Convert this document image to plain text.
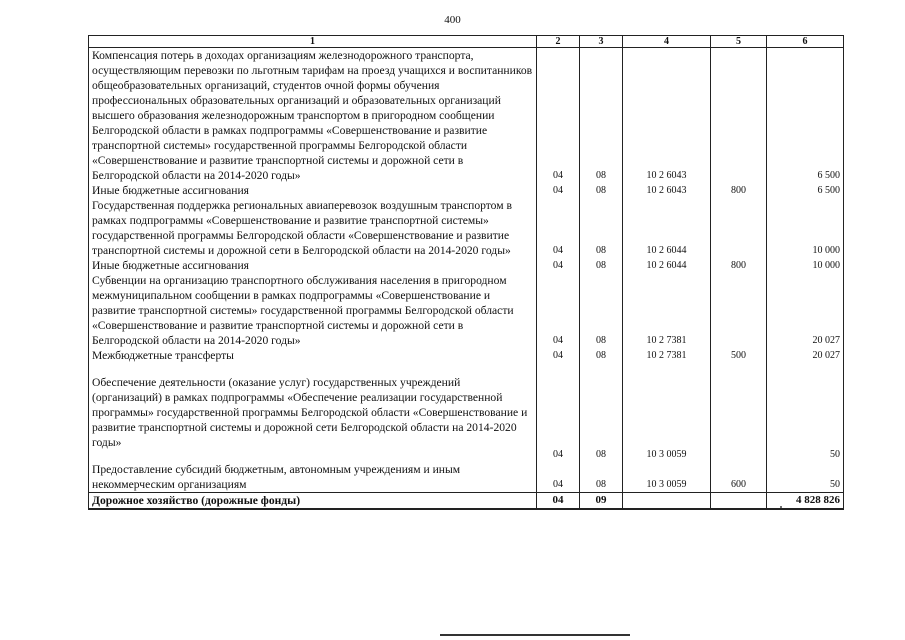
400
1	2	3	4	5	6
Компенсация потерь в доходах организациям железнодорожного транспорта, осуществляющим перевозки по льготным тарифам на проезд учащихся и воспитанников общеобразовательных организаций, студентов очной формы обучения профессиональных образовательных организаций и образовательных организаций высшего образования железнодорожным транспортом в пригородном сообщении Белгородской области в рамках подпрограммы «Совершенствование и развитие транспортной системы» государственной программы Белгородской области «Совершенствование и развитие транспортной системы и дорожной сети в Белгородской области на 2014-2020 годы»	04	08	10 2 6043		6 500
Иные бюджетные ассигнования	04	08	10 2 6043	800	6 500
Государственная поддержка региональных авиаперевозок воздушным транспортом в рамках подпрограммы «Совершенствование и развитие транспортной системы» государственной программы Белгородской области «Совершенствование и развитие транспортной системы и дорожной сети в Белгородской области на 2014-2020 годы»	04	08	10 2 6044		10 000
Иные бюджетные ассигнования	04	08	10 2 6044	800	10 000
Субвенции на организацию транспортного обслуживания населения в пригородном межмуниципальном сообщении в рамках подпрограммы «Совершенствование и развитие транспортной системы» государственной программы Белгородской области «Совершенствование и развитие транспортной системы и дорожной сети в Белгородской области на 2014-2020 годы»	04	08	10 2 7381		20 027
Межбюджетные трансферты	04	08	10 2 7381	500	20 027
Обеспечение деятельности (оказание услуг) государственных учреждений (организаций) в рамках подпрограммы «Обеспечение реализации государственной программы» государственной программы Белгородской области «Совершенствование и развитие транспортной системы и дорожной сети Белгородской области на 2014-2020 годы»	04	08	10 3 0059		50
Предоставление субсидий бюджетным, автономным учреждениям и иным некоммерческим организациям	04	08	10 3 0059	600	50
Дорожное хозяйство (дорожные фонды)	04	09			4 828 826
